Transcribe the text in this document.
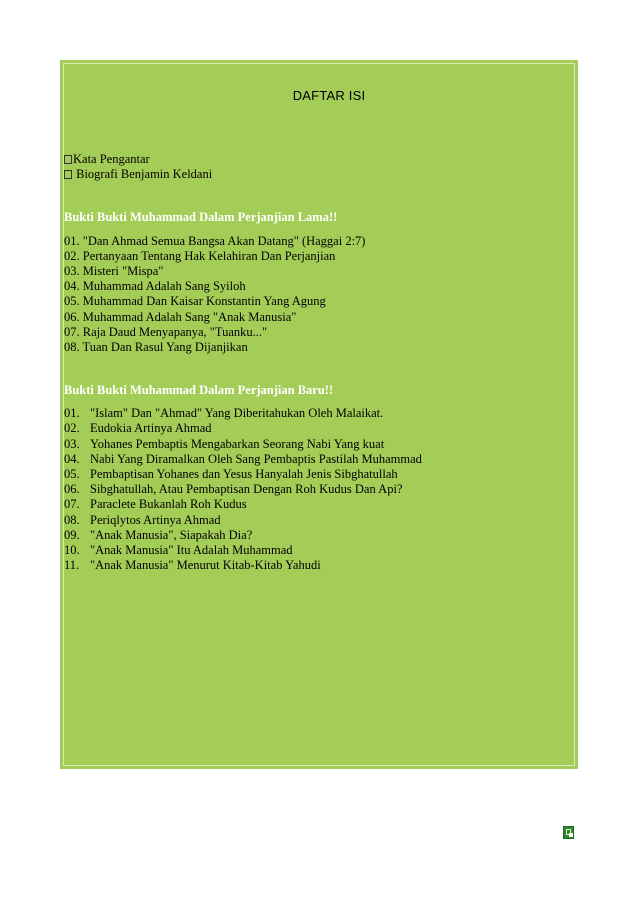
DAFTAR ISI
Kata Pengantar
Biografi Benjamin Keldani
Bukti Bukti Muhammad Dalam Perjanjian Lama!!
01. "Dan Ahmad Semua Bangsa Akan Datang" (Haggai 2:7)
02. Pertanyaan Tentang Hak Kelahiran Dan Perjanjian
03. Misteri "Mispa"
04. Muhammad Adalah Sang Syiloh
05. Muhammad Dan Kaisar Konstantin Yang Agung
06. Muhammad Adalah Sang "Anak Manusia"
07. Raja Daud Menyapanya, "Tuanku..."
08. Tuan Dan Rasul Yang Dijanjikan
Bukti Bukti Muhammad Dalam Perjanjian Baru!!
01. "Islam" Dan "Ahmad" Yang Diberitahukan Oleh Malaikat.
02. Eudokia Artinya Ahmad
03. Yohanes Pembaptis Mengabarkan Seorang Nabi Yang kuat
04. Nabi Yang Diramalkan Oleh Sang Pembaptis Pastilah Muhammad
05. Pembaptisan Yohanes dan Yesus Hanyalah Jenis Sibghatullah
06. Sibghatullah, Atau Pembaptisan Dengan Roh Kudus Dan Api?
07. Paraclete Bukanlah Roh Kudus
08. Periqlytos Artinya Ahmad
09. "Anak Manusia", Siapakah Dia?
10. "Anak Manusia" Itu Adalah Muhammad
11. "Anak Manusia" Menurut Kitab-Kitab Yahudi
